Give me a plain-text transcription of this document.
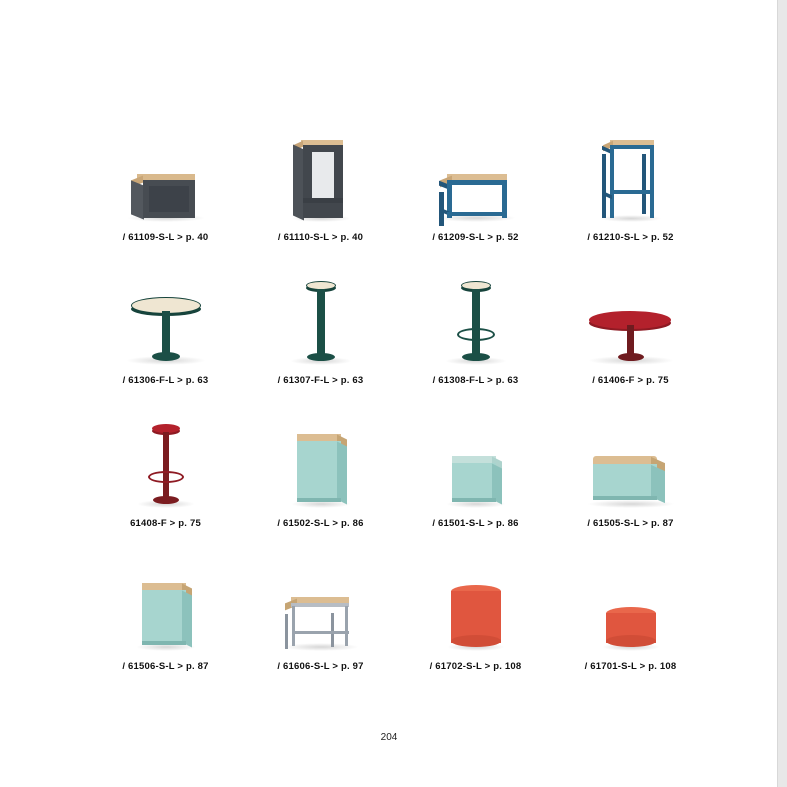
/ 61109-S-L > p. 40	/ 61110-S-L > p. 40	/ 61209-S-L > p. 52	/ 61210-S-L > p. 52
/ 61306-F-L > p. 63	/ 61307-F-L > p. 63	/ 61308-F-L > p. 63	/ 61406-F > p. 75
61408-F > p. 75	/ 61502-S-L > p. 86	/ 61501-S-L > p. 86	/ 61505-S-L > p. 87
/ 61506-S-L > p. 87	/ 61606-S-L > p. 97	/ 61702-S-L > p. 108	/ 61701-S-L > p. 108
204
